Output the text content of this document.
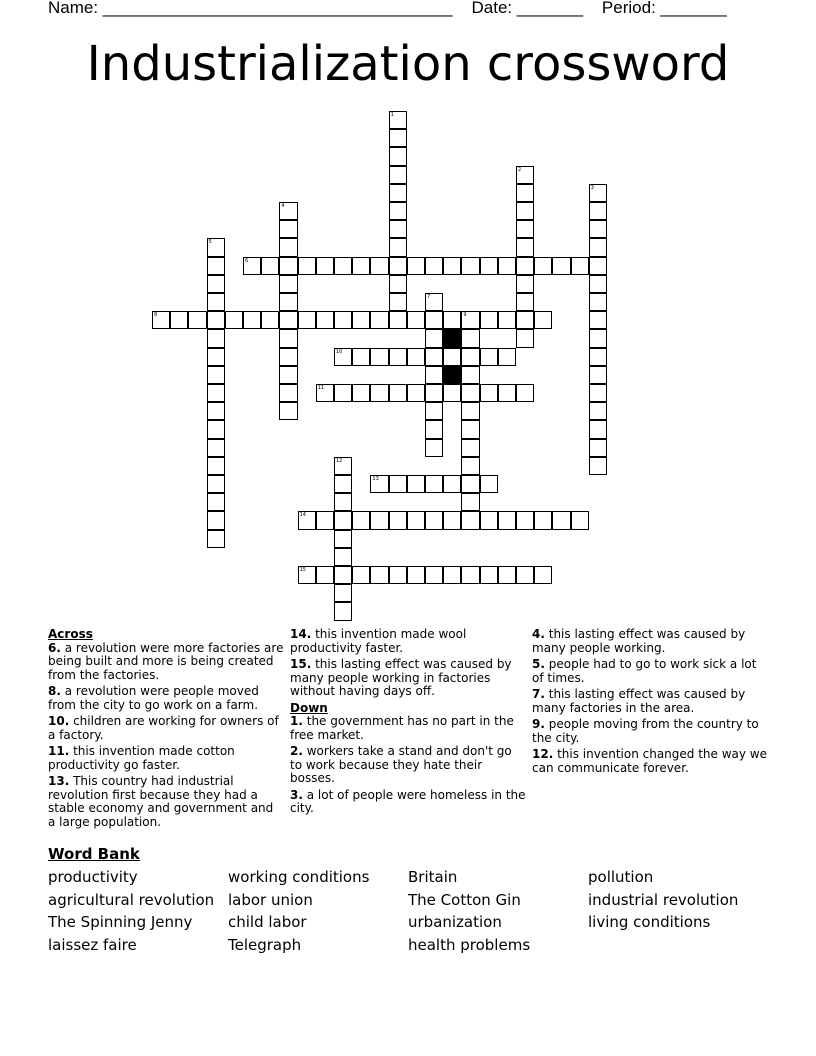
Name: _____________________________________    Date: _______    Period: _______
Industrialization crossword
1
2
3
4
5
6
7
8	9
10
11
12
13
14
15
Across
6. a revolution were more factories are being built and more is being created from the factories.
8. a revolution were people moved from the city to go work on a farm.
10. children are working for owners of a factory.
11. this invention made cotton productivity go faster.
13. This country had industrial revolution first because they had a stable economy and government and a large population.
14. this invention made wool productivity faster.
15. this lasting effect was caused by many people working in factories without having days off.
Down
1. the government has no part in the free market.
2. workers take a stand and don't go to work because they hate their bosses.
3. a lot of people were homeless in the city.
4. this lasting effect was caused by many people working.
5. people had to go to work sick a lot of times.
7. this lasting effect was caused by many factories in the area.
9. people moving from the country to the city.
12. this invention changed the way we can communicate forever.
Word Bank
productivity
agricultural revolution
The Spinning Jenny
laissez faire
working conditions
labor union
child labor
Telegraph
Britain
The Cotton Gin
urbanization
health problems
pollution
industrial revolution
living conditions
